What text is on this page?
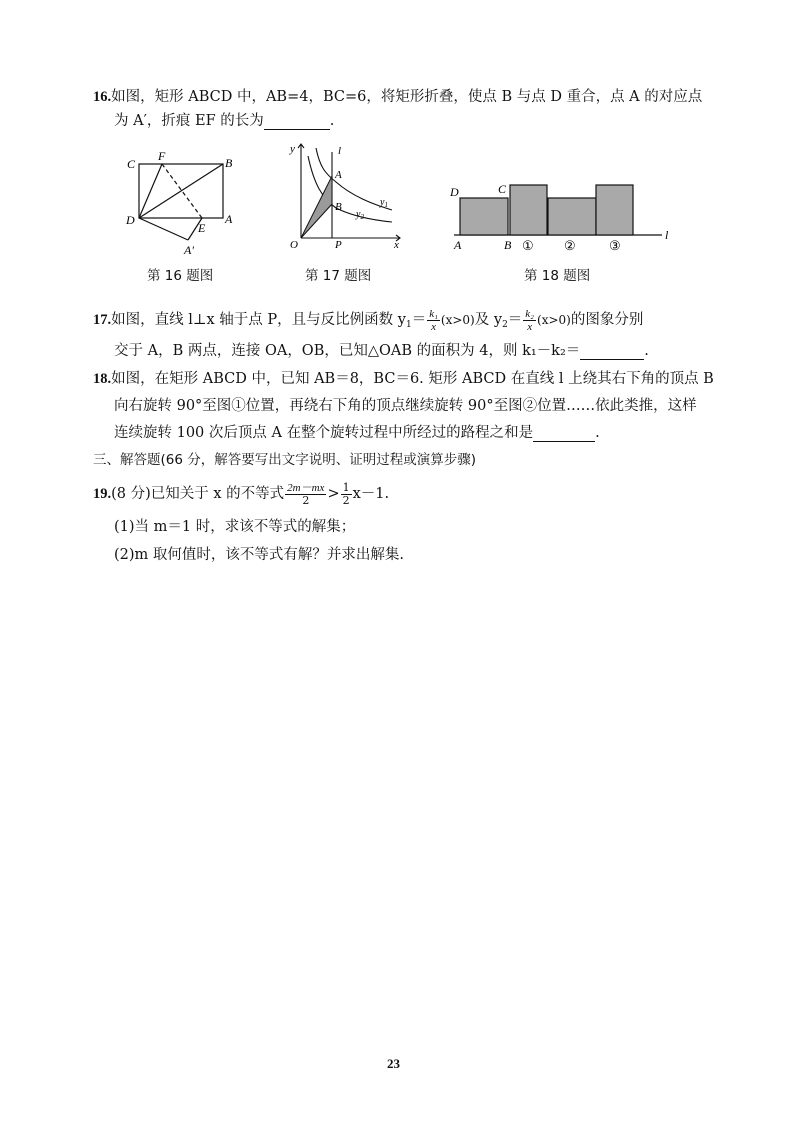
16.如图，矩形 ABCD 中，AB=4，BC=6，将矩形折叠，使点 B 与点 D 重合，点 A 的对应点
为 A′，折痕 EF 的长为	.
C
F	B
D
E
A
A′
第 16 题图
y	l
A
B	$y_1$
$y_2$
O	P	x
第 17 题图
D	C
A	B ① ②	③
l
第 18 题图
17.如图，直线 l⊥x 轴于点 P，且与反比例函数 $y_1= \frac{\text{k₁}}{x} (x>0)$及 $y_2= \frac{\text{k₂}}{x} (x>0)$的图象分别
交于 A，B 两点，连接 OA，OB，已知△OAB 的面积为 4，则 k₁－k₂＝	.
18.如图，在矩形 ABCD 中，已知 AB＝8，BC＝6. 矩形 ABCD 在直线 l 上绕其右下角的顶点 B
向右旋转 90°至图①位置，再绕右下角的顶点继续旋转 90°至图②位置……依此类推，这样
连续旋转 100 次后顶点 A 在整个旋转过程中所经过的路程之和是	.
三、解答题(66 分，解答要写出文字说明、证明过程或演算步骤)
19.(8 分)已知关于 x 的不等式 $\frac{2m-mx}{2} > \frac{1}{2} x-1$.
(1)当 m＝1 时，求该不等式的解集；
(2)m 取何值时，该不等式有解？并求出解集.
23
